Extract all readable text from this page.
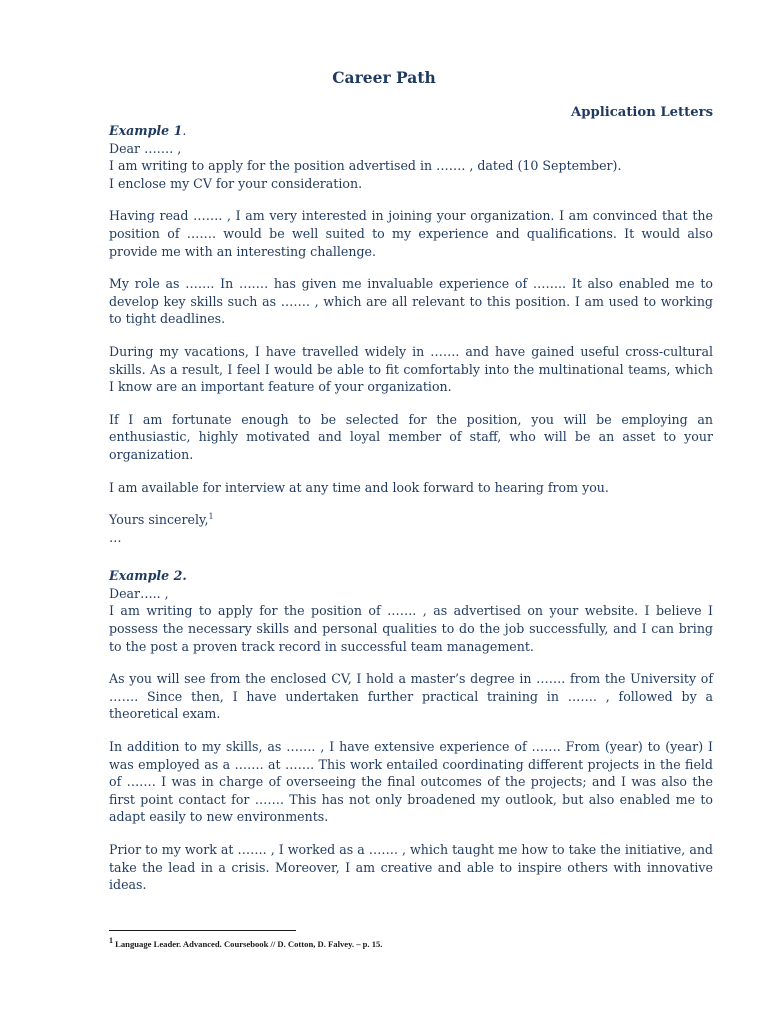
Career Path
Application Letters

Example 1.

Dear ……. ,

I am writing to apply for the position advertised in ……. , dated (10 September).

I enclose my CV for your consideration.

Having read ……. , I am very interested in joining your organization. I am convinced that the position of ……. would be well suited to my experience and qualifications. It would also provide me with an interesting challenge.

My role as ……. In ……. has given me invaluable experience of …….. It also enabled me to develop key skills such as ……. , which are all relevant to this position. I am used to working to tight deadlines.

During my vacations, I have travelled widely in ……. and have gained useful cross-cultural skills. As a result, I feel I would be able to fit comfortably into the multinational teams, which I know are an important feature of your organization.

If I am fortunate enough to be selected for the position, you will be employing an enthusiastic, highly motivated and loyal member of staff, who will be an asset to your organization.

I am available for interview at any time and look forward to hearing from you.

Yours sincerely,$^1$

…

Example 2.

Dear….. ,

I am writing to apply for the position of ……. , as advertised on your website. I believe I possess the necessary skills and personal qualities to do the job successfully, and I can bring to the post a proven track record in successful team management.

As you will see from the enclosed CV, I hold a master’s degree in ……. from the University of ……. Since then, I have undertaken further practical training in ……. , followed by a theoretical exam.

In addition to my skills, as ……. , I have extensive experience of ……. From (year) to (year) I was employed as a ……. at ……. This work entailed coordinating different projects in the field of ……. I was in charge of overseeing the final outcomes of the projects; and I was also the first point contact for ……. This has not only broadened my outlook, but also enabled me to adapt easily to new environments.

Prior to my work at ……. , I worked as a ……. , which taught me how to take the initiative, and take the lead in a crisis. Moreover, I am creative and able to inspire others with innovative ideas.

$^1$ Language Leader. Advanced. Coursebook // D. Cotton, D. Falvey. – p. 15.
